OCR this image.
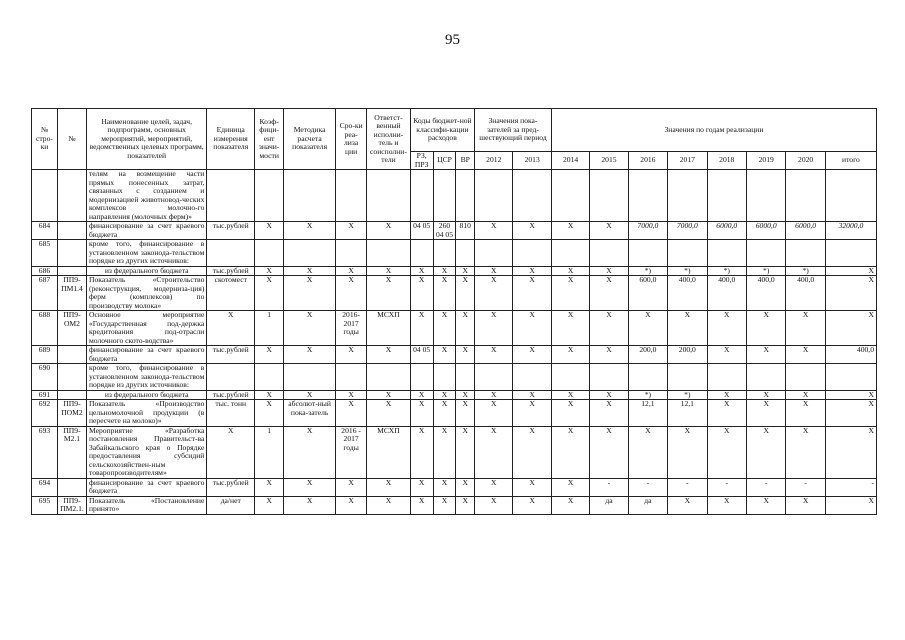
95
№ стро-ки	№	Наименование целей, задач, подпрограмм, основных мероприятий, мероприятий, ведомственных целевых программ, показателей	Единица измерения показателя	Коэф-фици-ент значи-мости	Методика расчета показателя	Сро-ки реа-лиза ции	Ответст-венный исполни-тель и соисполни-тели	Коды бюджет-ной классифи-кации расходов			Значения пока-зателей за пред-шествующий период		Значения по годам реализации							
								РЗ, ПРЗ	ЦСР	ВР	2012	2013	2014	2015	2016	2017	2018	2019	2020	итого
		телям на возмещение части прямых понесенных затрат, связанных с созданием и модернизацией животновод-ческих комплексов молочно-го направления (молочных ферм)»																		
684		финансирование за счет краевого бюджета	тыс.рублей	X	X	X	X	04 05	260 04 05	810	X	X	X	X	7000,0	7000,0	6000,0	6000,0	6000,0	32000,0
685		кроме того, финансирование в установленном законода-тельством порядке из других источников:																		
686		из федерального бюджета	тыс.рублей	X	X	X	X	X	X	X	X	X	X	X	*)	*)	*)	*)	*)	X
687	ПП9-ПМ1.4	Показатель «Строительство (реконструкция, модерниза-ция) ферм (комплексов) по производству молока»	скотомест	X	X	X	X	X	X	X	X	X	X	X	600,0	400,0	400,0	400,0	400,0	X
688	ПП9-ОМ2	Основное мероприятие «Государственная под-держка кредитования под-отрасли молочного ското-водства»	X	1	X	2016-2017 годы	МСХП	X	X	X	X	X	X	X	X	X	X	X	X	X
689		финансирование за счет краевого бюджета	тыс.рублей	X	X	X	X	04 05	X	X	X	X	X	X	200,0	200,0	X	X	X	400,0
690		кроме того, финансирование в установленном законода-тельством порядке из других источников:																		
691		из федерального бюджета	тыс.рублей	X	X	X	X	X	X	X	X	X	X	X	*)	*)	X	X	X	X
692	ПП9-ПОМ2	Показатель «Производство цельномолочной продукции (в пересчете на молоко)»	тыс. тонн	X	абсолют-ный пока-затель	X	X	X	X	X	X	X	X	X	12,1	12,1	X	X	X	X
693	ПП9-М2.1	Мероприятие «Разработка постановления Правительст-ва Забайкальского края о Порядке предоставления субсидий сельскохозяйствен-ным товаропроизводителям»	X	1	X	2016 - 2017 годы	МСХП	X	X	X	X	X	X	X	X	X	X	X	X	X
694		финансирование за счет краевого бюджета	тыс.рублей	X	X	X	X	X	X	X	X	X	X	-	-	-	-	-	-	-
695	ПП9-ПМ2.1.	Показатель «Постановление принято»	да/нет	X	X	X	X	X	X	X	X	X	X	да	да	X	X	X	X	X
